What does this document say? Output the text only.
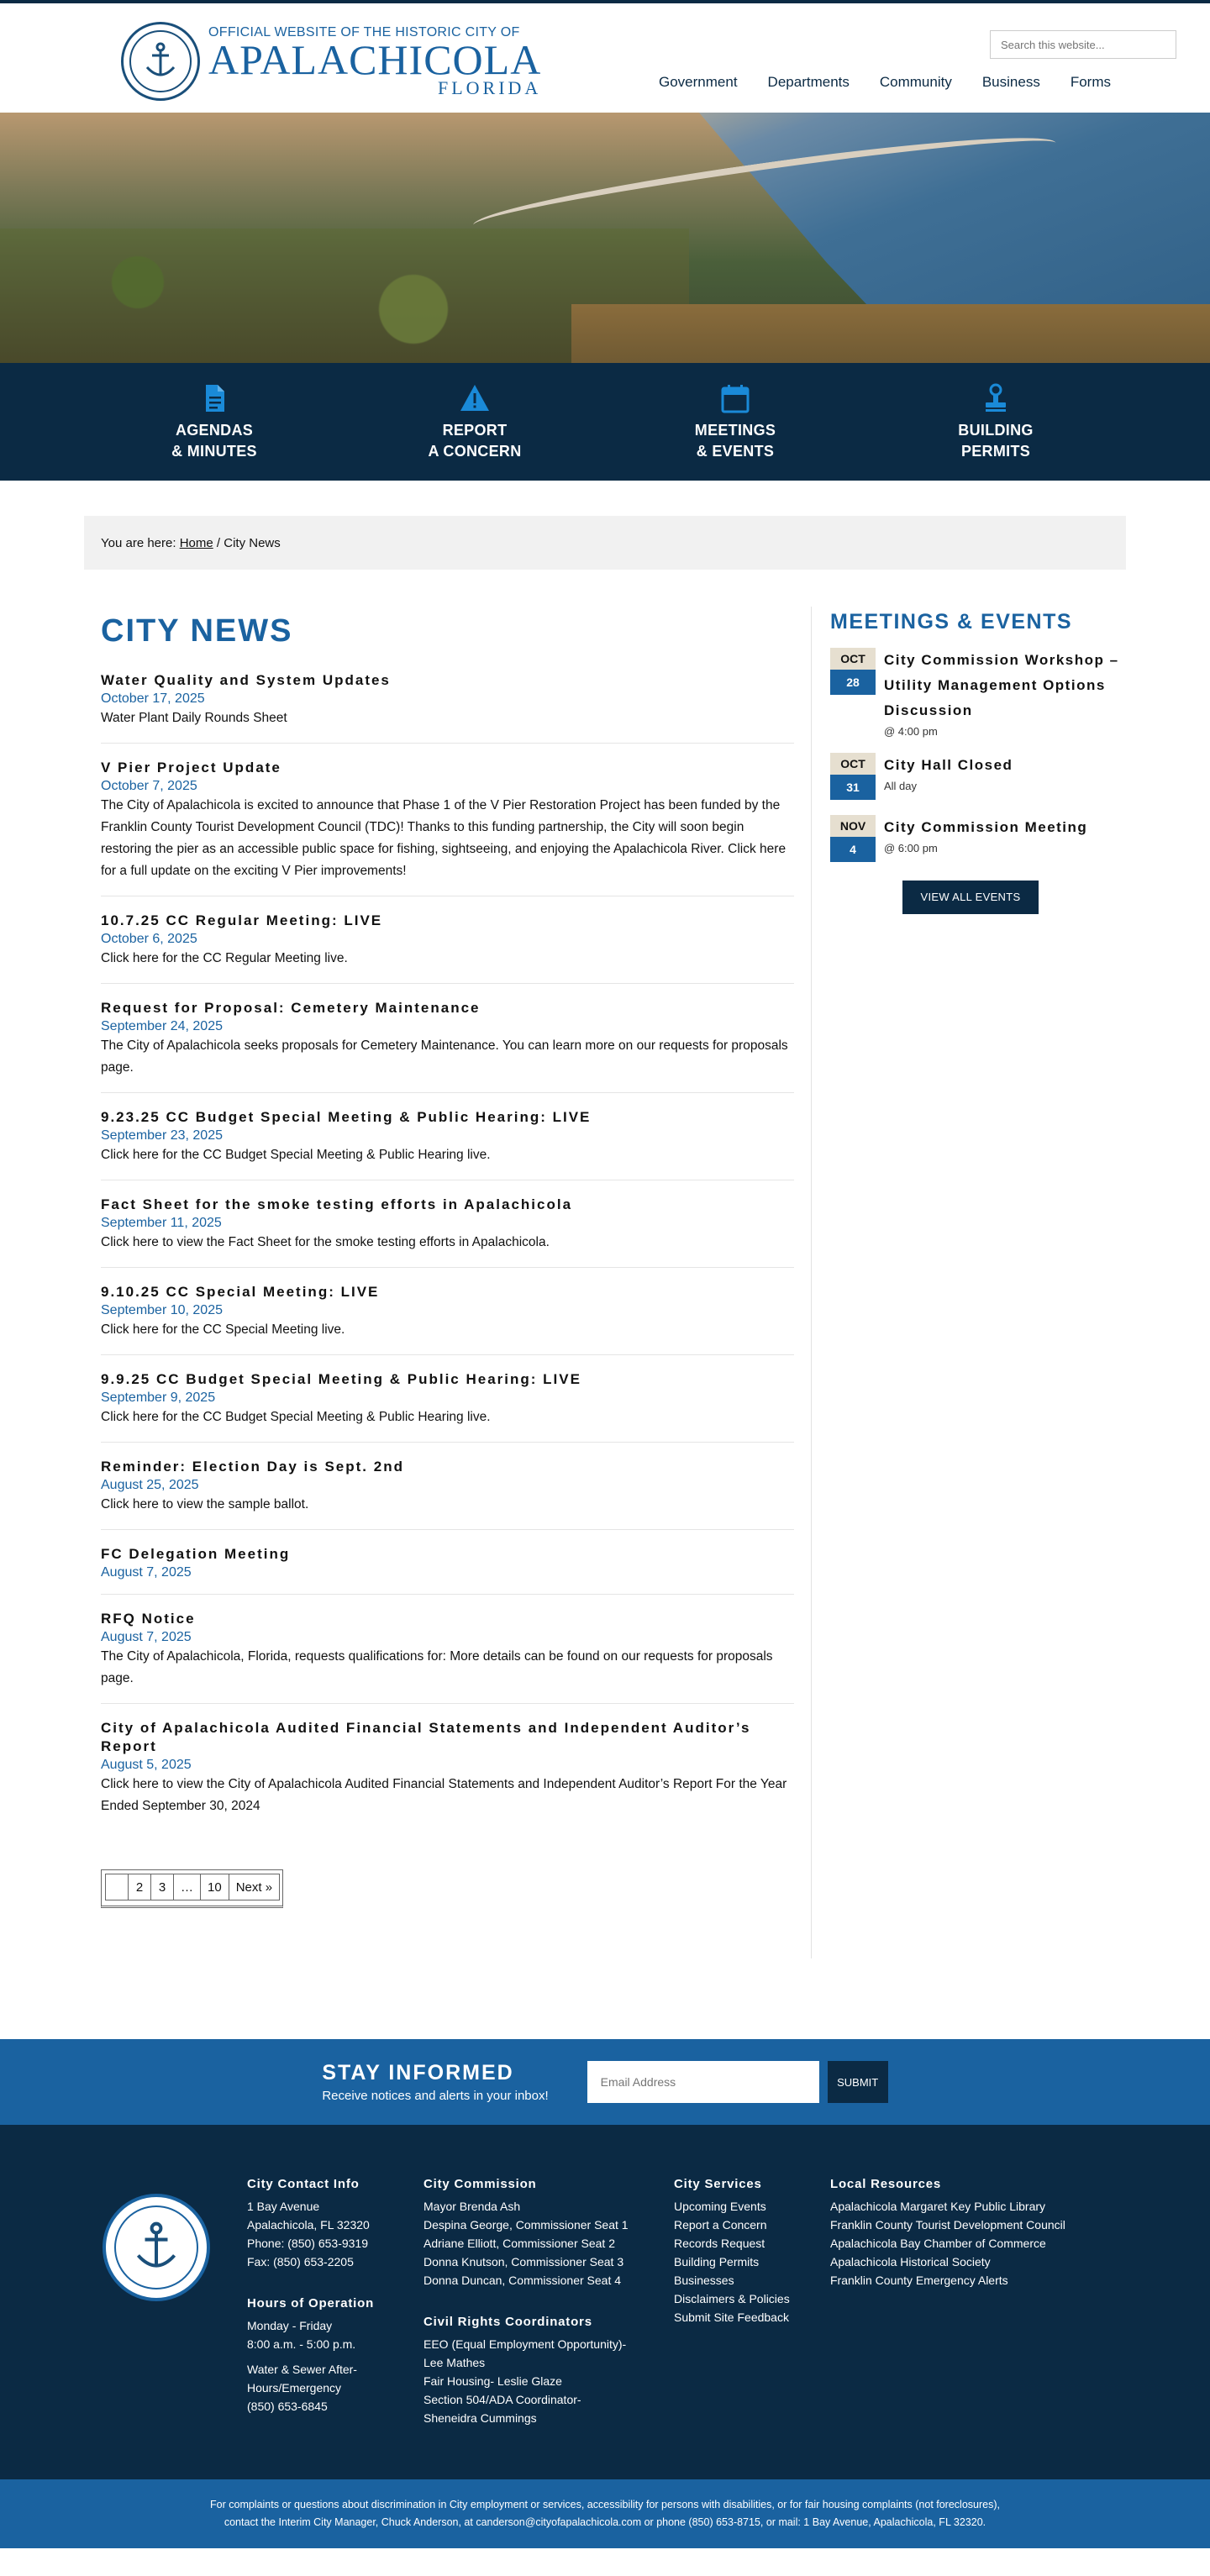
OFFICIAL WEBSITE OF THE HISTORIC CITY OF
APALACHICOLA
FLORIDA
Search this website...	Government Departments Community Business Forms
AGENDAS
& MINUTES
REPORT
A CONCERN
MEETINGS
& EVENTS
BUILDING
PERMITS
You are here:
Home
/
City News
CITY NEWS
Water Quality and System Updates
October 17, 2025
Water Plant Daily Rounds Sheet
V Pier Project Update
October 7, 2025
The City of Apalachicola is excited to announce that Phase 1 of the V Pier Restoration Project has been funded by the Franklin County Tourist Development Council (TDC)! Thanks to this funding partnership, the City will soon begin restoring the pier as an accessible public space for fishing, sightseeing, and enjoying the Apalachicola River. Click here for a full update on the exciting V Pier improvements!
10.7.25 CC Regular Meeting: LIVE
October 6, 2025
Click here for the CC Regular Meeting live.
Request for Proposal: Cemetery Maintenance
September 24, 2025
The City of Apalachicola seeks proposals for Cemetery Maintenance. You can learn more on our requests for proposals page.
9.23.25 CC Budget Special Meeting & Public Hearing: LIVE
September 23, 2025
Click here for the CC Budget Special Meeting & Public Hearing live.
Fact Sheet for the smoke testing efforts in Apalachicola
September 11, 2025
Click here to view the Fact Sheet for the smoke testing efforts in Apalachicola.
9.10.25 CC Special Meeting: LIVE
September 10, 2025
Click here for the CC Special Meeting live.
9.9.25 CC Budget Special Meeting & Public Hearing: LIVE
September 9, 2025
Click here for the CC Budget Special Meeting & Public Hearing live.
Reminder: Election Day is Sept. 2nd
August 25, 2025
Click here to view the sample ballot.
FC Delegation Meeting
August 7, 2025
RFQ Notice
August 7, 2025
The City of Apalachicola, Florida, requests qualifications for: More details can be found on our requests for proposals page.
City of Apalachicola Audited Financial Statements and Independent Auditor’s Report
August 5, 2025
Click here to view the City of Apalachicola Audited Financial Statements and Independent Auditor’s Report For the Year Ended September 30, 2024
2	3	…	10	Next »
MEETINGS & EVENTS
OCT
28
City Commission Workshop – Utility Management Options Discussion
@ 4:00 pm
OCT
31
City Hall Closed
All day
NOV
4
City Commission Meeting
@ 6:00 pm
VIEW ALL EVENTS
STAY INFORMED
Receive notices and alerts in your inbox!
Email Address
SUBMIT
City Contact Info

1 Bay Avenue

Apalachicola, FL 32320

Phone: (850) 653-9319

Fax: (850) 653-2205

Hours of Operation

Monday - Friday

8:00 a.m. - 5:00 p.m.

Water & Sewer After-

Hours/Emergency

(850) 653-6845

City Commission

Mayor Brenda Ash

Despina George, Commissioner Seat 1

Adriane Elliott, Commissioner Seat 2

Donna Knutson, Commissioner Seat 3

Donna Duncan, Commissioner Seat 4

Civil Rights Coordinators

EEO (Equal Employment Opportunity)-

Lee Mathes

Fair Housing- Leslie Glaze

Section 504/ADA Coordinator-

Sheneidra Cummings

City Services
Upcoming Events
Report a Concern
Records Request
Building Permits
Businesses
Disclaimers & Policies
Submit Site Feedback
Local Resources
Apalachicola Margaret Key Public Library
Franklin County Tourist Development Council
Apalachicola Bay Chamber of Commerce
Apalachicola Historical Society
Franklin County Emergency Alerts
For complaints or questions about discrimination in City employment or services, accessibility for persons with disabilities, or for fair housing complaints (not foreclosures),
contact the Interim City Manager, Chuck Anderson, at canderson@cityofapalachicola.com or phone (850) 653-8715, or mail: 1 Bay Avenue, Apalachicola, FL 32320.
